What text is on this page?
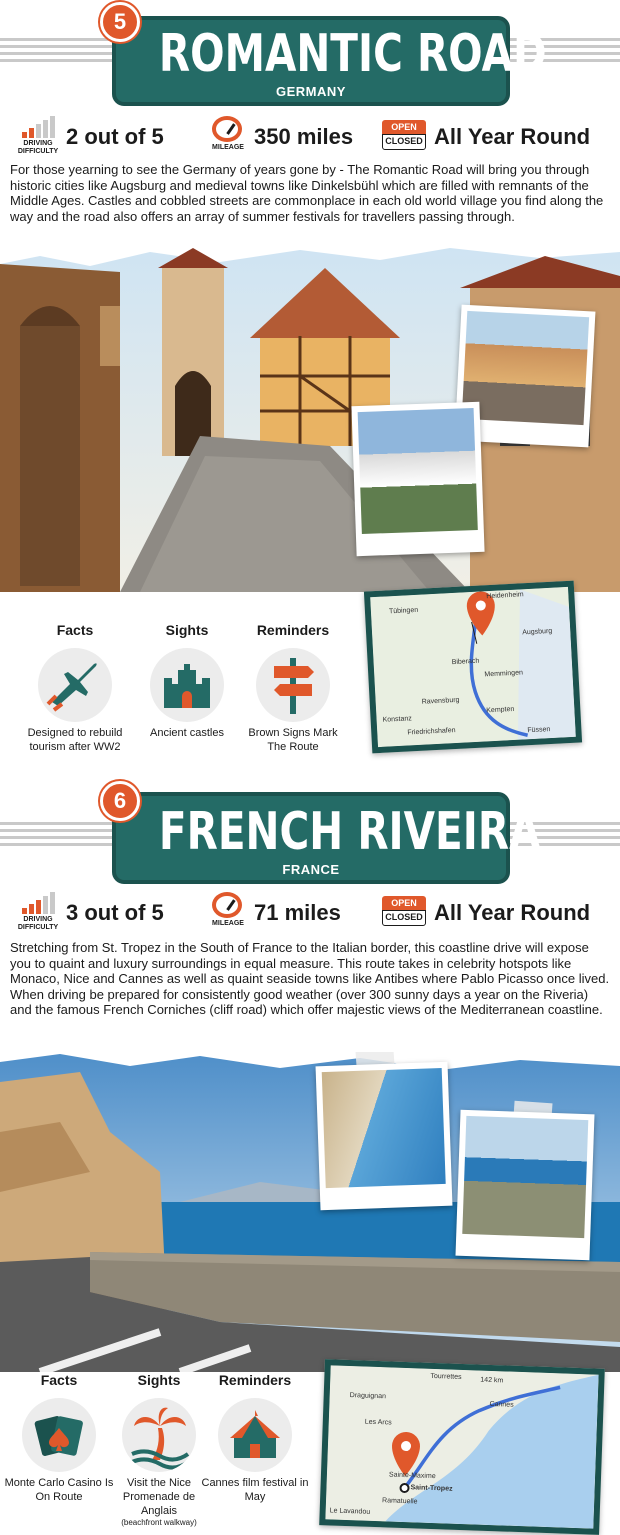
ROMANTIC ROAD
GERMANY
5
DRIVING DIFFICULTY
2 out of 5	MILEAGE 350 miles	OPEN
CLOSED All Year Round

For those yearning to see the Germany of years gone by - The Romantic Road will bring you through historic cities like Augsburg and medieval towns like Dinkelsbühl which are filled with remnants of the Middle Ages. Castles and cobbled streets are commonplace in each old world village you find along the way and the road also offers an array of summer festivals for travellers passing through.

Facts
Designed to rebuild tourism after WW2
Sights
Ancient castles
Reminders
Brown Signs Mark The Route
Tübingen
Heidenheim
Augsburg
Biberach
Memmingen
Ravensburg
Kempten
Konstanz
Friedrichshafen	Füssen
FRENCH RIVEIRA
FRANCE
6
DRIVING DIFFICULTY
3 out of 5	MILEAGE 71 miles	OPEN
CLOSED All Year Round

Stretching from St. Tropez in the South of France to the Italian border, this coastline drive will expose you to quaint and luxury surroundings in equal measure. This route takes in celebrity hotspots like Monaco, Nice and Cannes as well as quaint seaside towns like Antibes where Pablo Picasso once lived. When driving be prepared for consistently good weather (over 300 sunny days a year on the Riveria) and the famous French Corniches (cliff road) which offer majestic views of the Mediterranean coastline.

Facts
Monte Carlo Casino Is On Route
Sights
Visit the Nice Promenade de Anglais
(beachfront walkway)
Reminders
Cannes film festival in May
Tourrettes	142 km
Draguignan
Cannes
Les Arcs
Sainte-Maxime
Saint-Tropez
Ramatuelle
Le Lavandou
